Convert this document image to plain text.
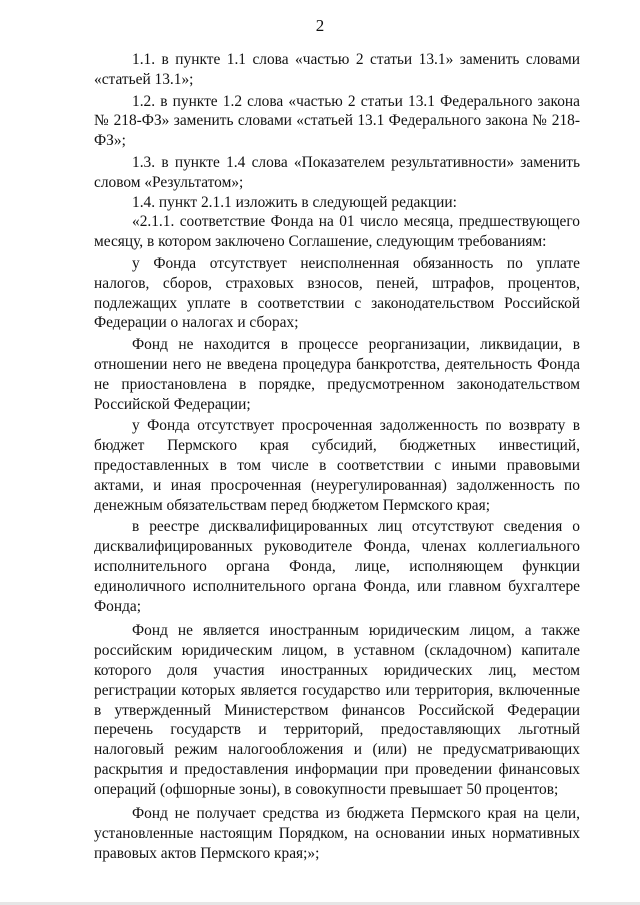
2

1.1. в пункте 1.1 слова «частью 2 статьи 13.1» заменить словами «статьей 13.1»;

1.2. в пункте 1.2 слова «частью 2 статьи 13.1 Федерального закона № 218-ФЗ» заменить словами «статьей 13.1 Федерального закона № 218-ФЗ»;

1.3. в пункте 1.4 слова «Показателем результативности» заменить словом «Результатом»;

1.4. пункт 2.1.1 изложить в следующей редакции:

«2.1.1. соответствие Фонда на 01 число месяца, предшествующего месяцу, в котором заключено Соглашение, следующим требованиям:

у Фонда отсутствует неисполненная обязанность по уплате налогов, сборов, страховых взносов, пеней, штрафов, процентов, подлежащих уплате в соответствии с законодательством Российской Федерации о налогах и сборах;

Фонд не находится в процессе реорганизации, ликвидации, в отношении него не введена процедура банкротства, деятельность Фонда не приостановлена в порядке, предусмотренном законодательством Российской Федерации;

у Фонда отсутствует просроченная задолженность по возврату в бюджет Пермского края субсидий, бюджетных инвестиций, предоставленных в том числе в соответствии с иными правовыми актами, и иная просроченная (неурегулированная) задолженность по денежным обязательствам перед бюджетом Пермского края;

в реестре дисквалифицированных лиц отсутствуют сведения о дисквалифицированных руководителе Фонда, членах коллегиального исполнительного органа Фонда, лице, исполняющем функции единоличного исполнительного органа Фонда, или главном бухгалтере Фонда;

Фонд не является иностранным юридическим лицом, а также российским юридическим лицом, в уставном (складочном) капитале которого доля участия иностранных юридических лиц, местом регистрации которых является государство или территория, включенные в утвержденный Министерством финансов Российской Федерации перечень государств и территорий, предоставляющих льготный налоговый режим налогообложения и (или) не предусматривающих раскрытия и предоставления информации при проведении финансовых операций (офшорные зоны), в совокупности превышает 50 процентов;

Фонд не получает средства из бюджета Пермского края на цели, установленные настоящим Порядком, на основании иных нормативных правовых актов Пермского края;»;
